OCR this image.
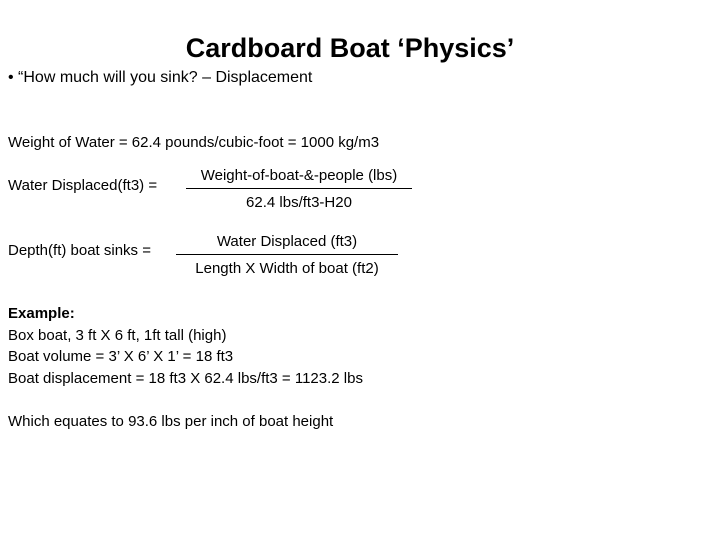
Cardboard Boat ‘Physics’
• “How much will you sink? – Displacement
Weight of Water = 62.4 pounds/cubic-foot = 1000 kg/m3
Water Displaced(ft3) =
Weight-of-boat-&-people (lbs)
62.4 lbs/ft3-H20
Depth(ft) boat sinks =
Water Displaced (ft3)
Length X Width of boat (ft2)
Example:
Box boat, 3 ft X 6 ft, 1ft tall (high)
Boat volume = 3’ X 6’ X 1’ = 18 ft3
Boat displacement = 18 ft3 X 62.4 lbs/ft3 = 1123.2 lbs
Which equates to 93.6 lbs per inch of boat height
